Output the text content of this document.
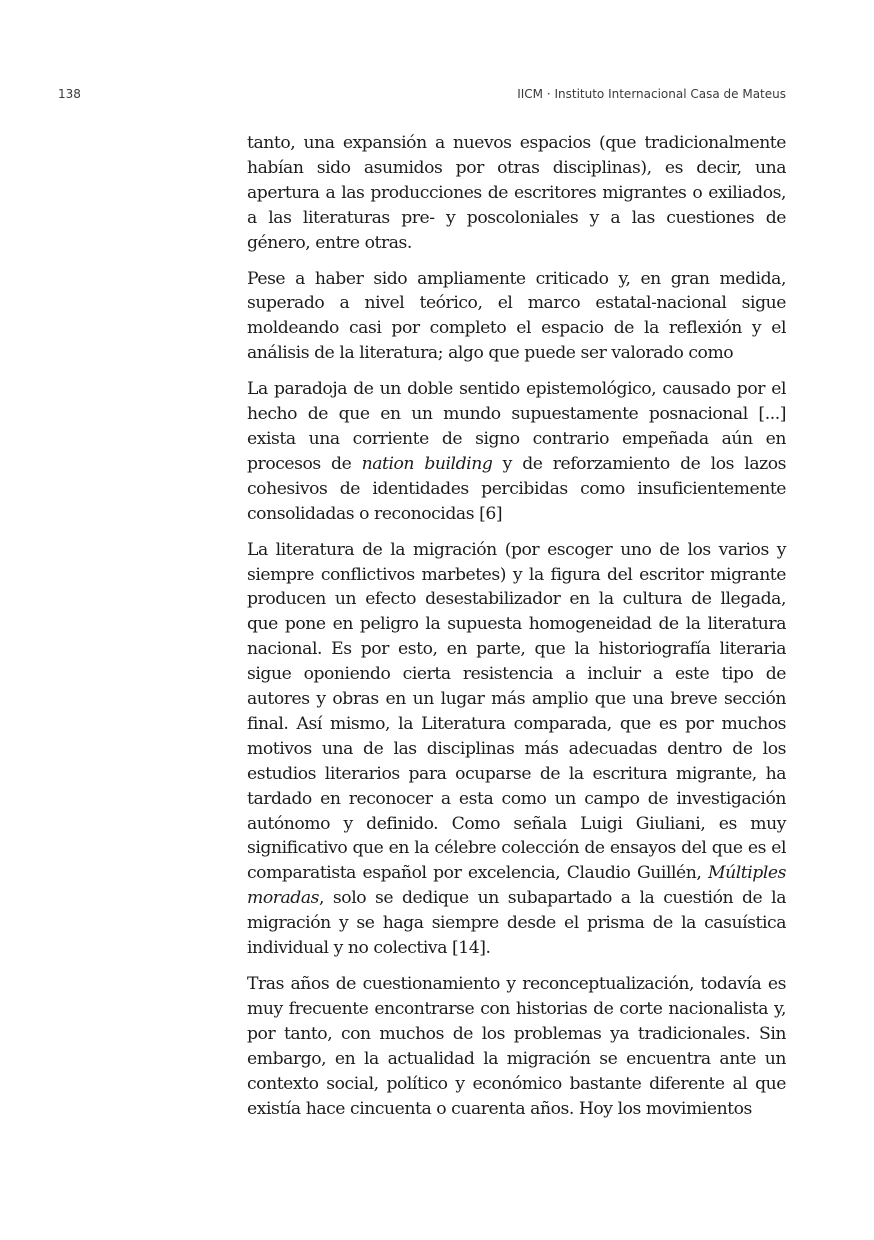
138	IICM · Instituto Internacional Casa de Mateus

tanto, una expansión a nuevos espacios (que tradicionalmente habían sido asumidos por otras disciplinas), es decir, una apertura a las producciones de escritores migrantes o exiliados, a las literaturas pre- y poscoloniales y a las cuestiones de género, entre otras.

Pese a haber sido ampliamente criticado y, en gran medida, superado a nivel teórico, el marco estatal-nacional sigue moldeando casi por completo el espacio de la reflexión y el análisis de la literatura; algo que puede ser valorado como

La paradoja de un doble sentido epistemológico, causado por el hecho de que en un mundo supuestamente posnacional [...] exista una corriente de signo contrario empeñada aún en procesos de nation building y de reforzamiento de los lazos cohesivos de identidades percibidas como insuficientemente consolidadas o reconocidas [6]

La literatura de la migración (por escoger uno de los varios y siempre conflictivos marbetes) y la figura del escritor migrante producen un efecto desestabilizador en la cultura de llegada, que pone en peligro la supuesta homogeneidad de la literatura nacional. Es por esto, en parte, que la historiografía literaria sigue oponiendo cierta resistencia a incluir a este tipo de autores y obras en un lugar más amplio que una breve sección final. Así mismo, la Literatura comparada, que es por muchos motivos una de las disciplinas más adecuadas dentro de los estudios literarios para ocuparse de la escritura migrante, ha tardado en reconocer a esta como un campo de investigación autónomo y definido. Como señala Luigi Giuliani, es muy significativo que en la célebre colección de ensayos del que es el comparatista español por excelencia, Claudio Guillén, Múltiples moradas, solo se dedique un subapartado a la cuestión de la migración y se haga siempre desde el prisma de la casuística individual y no colectiva [14].

Tras años de cuestionamiento y reconceptualización, todavía es muy frecuente encontrarse con historias de corte nacionalista y, por tanto, con muchos de los problemas ya tradicionales. Sin embargo, en la actualidad la migración se encuentra ante un contexto social, político y económico bastante diferente al que existía hace cincuenta o cuarenta años. Hoy los movimientos
